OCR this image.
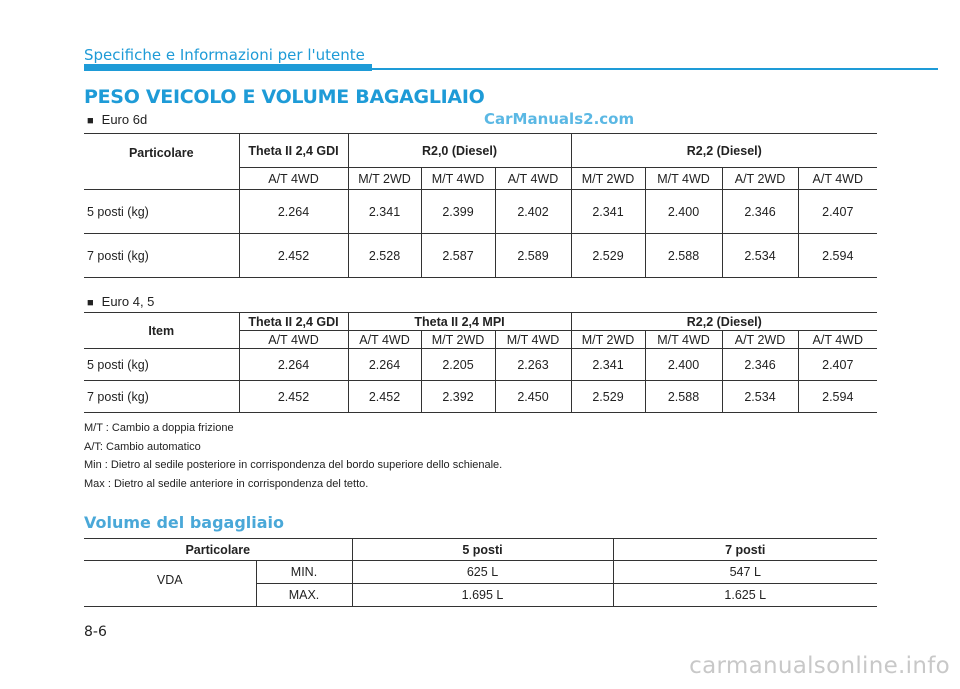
Specifiche e Informazioni per l'utente
PESO VEICOLO E VOLUME BAGAGLIAIO
CarManuals2.com
■ Euro 6d
Particolare	Theta II 2,4 GDI	R2,0 (Diesel)			R2,2 (Diesel)			
	A/T 4WD	M/T 2WD	M/T 4WD	A/T 4WD	M/T 2WD	M/T 4WD	A/T 2WD	A/T 4WD
5 posti (kg)	2.264	2.341	2.399	2.402	2.341	2.400	2.346	2.407
7 posti (kg)	2.452	2.528	2.587	2.589	2.529	2.588	2.534	2.594
■ Euro 4, 5
Item	Theta II 2,4 GDI	Theta II 2,4 MPI			R2,2 (Diesel)			
	A/T 4WD	A/T 4WD	M/T 2WD	M/T 4WD	M/T 2WD	M/T 4WD	A/T 2WD	A/T 4WD
5 posti (kg)	2.264	2.264	2.205	2.263	2.341	2.400	2.346	2.407
7 posti (kg)	2.452	2.452	2.392	2.450	2.529	2.588	2.534	2.594
M/T : Cambio a doppia frizione
A/T: Cambio automatico
Min : Dietro al sedile posteriore in corrispondenza del bordo superiore dello schienale.
Max : Dietro al sedile anteriore in corrispondenza del tetto.
Volume del bagagliaio
Particolare		5 posti	7 posti
VDA	MIN.	625 L	547 L
	MAX.	1.695 L	1.625 L
8-6
carmanualsonline.info
